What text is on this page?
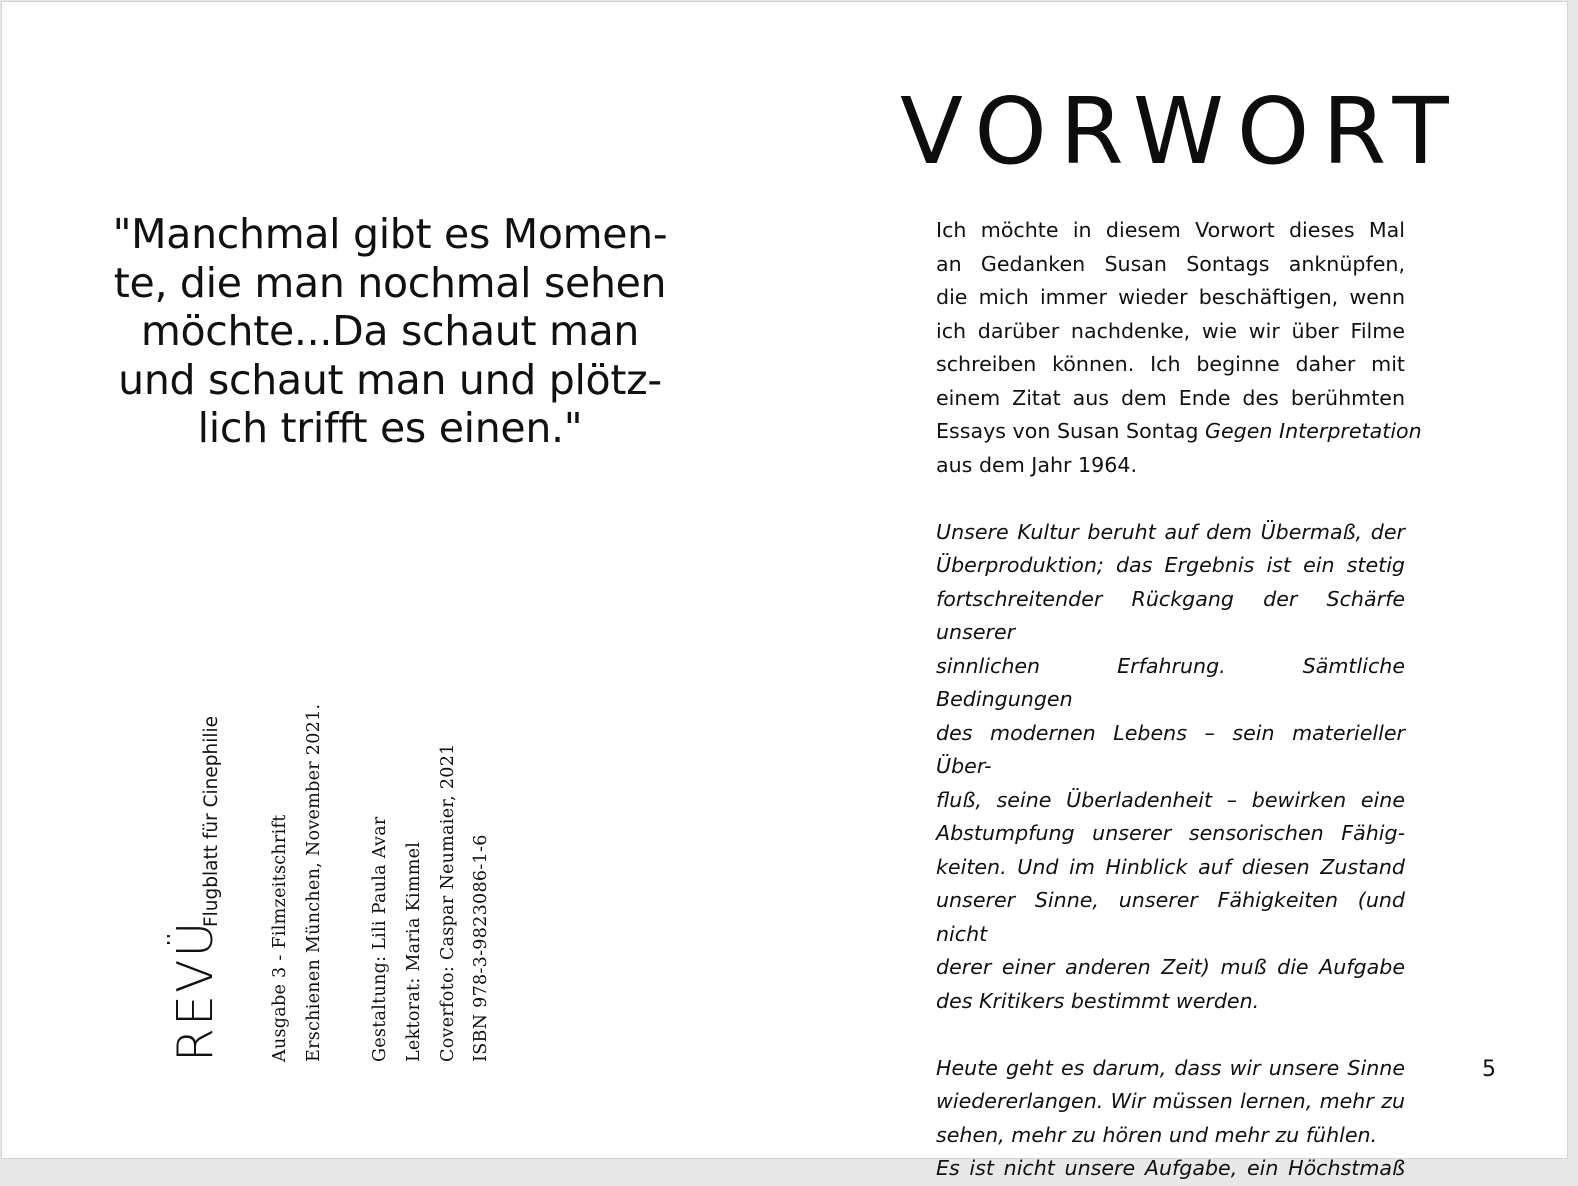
"Manchmal gibt es Momen-
te, die man nochmal sehen
möchte...Da schaut man
und schaut man und plötz-
lich trifft es einen."

REVÜ
Flugblatt für Cinephilie	Ausgabe 3 - Filmzeitschrift Erschienen München, November 2021.	Gestaltung: Lili Paula Avar Lektorat: Maria Kimmel Coverfoto: Caspar Neumaier, 2021 ISBN 978-3-9823086-1-6
VORWORT
Ich möchte in diesem Vorwort dieses Mal
an Gedanken Susan Sontags anknüpfen,
die mich immer wieder beschäftigen, wenn
ich darüber nachdenke, wie wir über Filme
schreiben können. Ich beginne daher mit
einem Zitat aus dem Ende des berühmten
Essays von Susan Sontag Gegen Interpretation
aus dem Jahr 1964.
Unsere Kultur beruht auf dem Übermaß, der
Überproduktion; das Ergebnis ist ein stetig
fortschreitender Rückgang der Schärfe unserer
sinnlichen Erfahrung. Sämtliche Bedingungen
des modernen Lebens – sein materieller Über-
fluß, seine Überladenheit – bewirken eine
Abstumpfung unserer sensorischen Fähig-
keiten. Und im Hinblick auf diesen Zustand
unserer Sinne, unserer Fähigkeiten (und nicht
derer einer anderen Zeit) muß die Aufgabe
des Kritikers bestimmt werden.
Heute geht es darum, dass wir unsere Sinne
wiedererlangen. Wir müssen lernen, mehr zu
sehen, mehr zu hören und mehr zu fühlen.
Es ist nicht unsere Aufgabe, ein Höchstmaß
5
